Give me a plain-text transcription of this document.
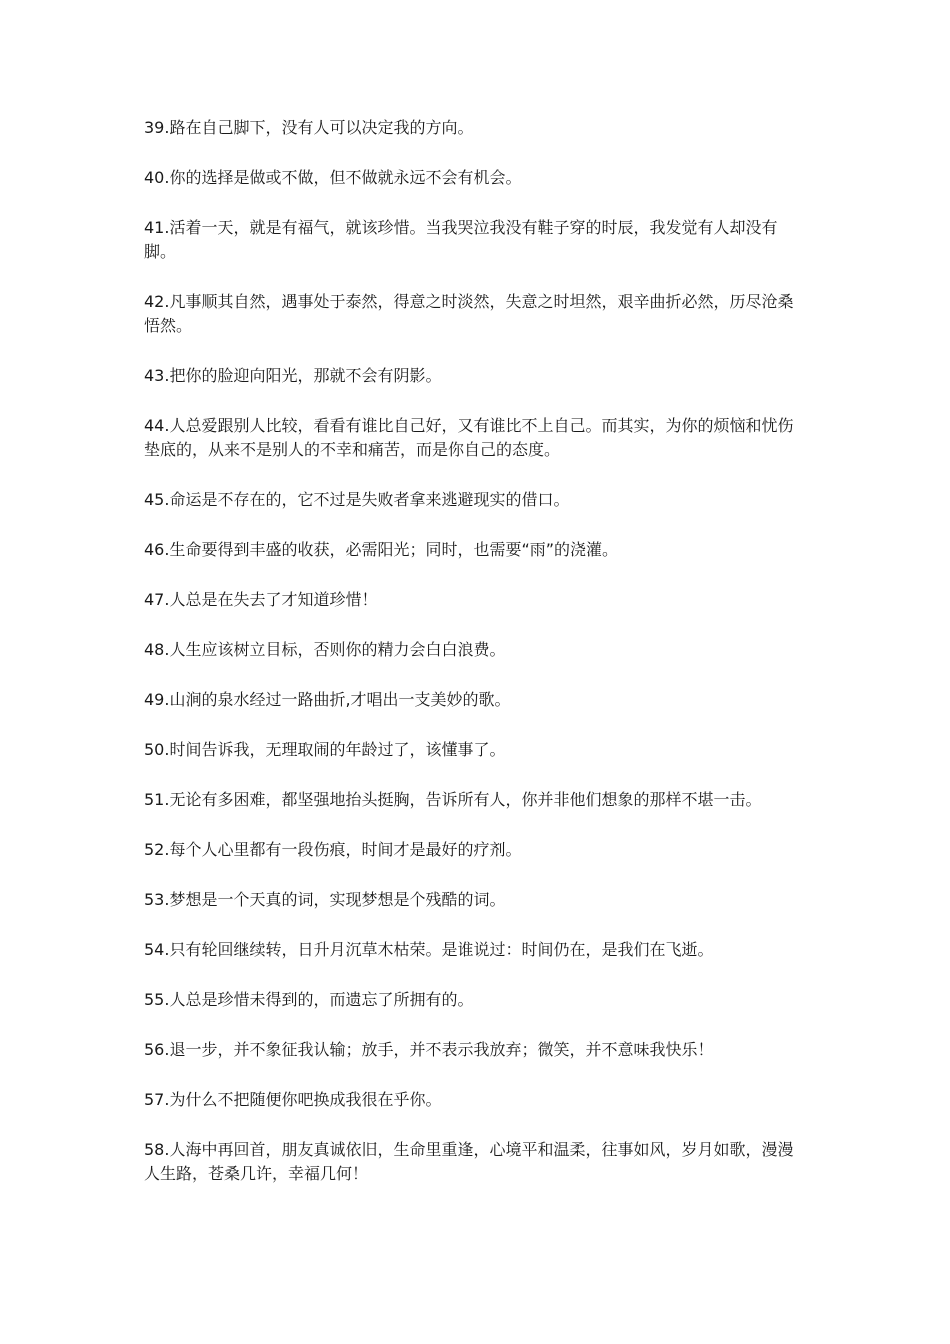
39.路在自己脚下，没有人可以决定我的方向。

40.你的选择是做或不做，但不做就永远不会有机会。

41.活着一天，就是有福气，就该珍惜。当我哭泣我没有鞋子穿的时辰，我发觉有人却没有脚。

42.凡事顺其自然，遇事处于泰然，得意之时淡然，失意之时坦然，艰辛曲折必然，历尽沧桑悟然。

43.把你的脸迎向阳光，那就不会有阴影。

44.人总爱跟别人比较，看看有谁比自己好，又有谁比不上自己。而其实，为你的烦恼和忧伤垫底的，从来不是别人的不幸和痛苦，而是你自己的态度。

45.命运是不存在的，它不过是失败者拿来逃避现实的借口。

46.生命要得到丰盛的收获，必需阳光；同时，也需要“雨”的浇灌。

47.人总是在失去了才知道珍惜！

48.人生应该树立目标，否则你的精力会白白浪费。

49.山涧的泉水经过一路曲折,才唱出一支美妙的歌。

50.时间告诉我，无理取闹的年龄过了，该懂事了。

51.无论有多困难，都坚强地抬头挺胸，告诉所有人，你并非他们想象的那样不堪一击。

52.每个人心里都有一段伤痕，时间才是最好的疗剂。

53.梦想是一个天真的词，实现梦想是个残酷的词。

54.只有轮回继续转，日升月沉草木枯荣。是谁说过：时间仍在，是我们在飞逝。

55.人总是珍惜未得到的，而遗忘了所拥有的。

56.退一步，并不象征我认输；放手，并不表示我放弃；微笑，并不意味我快乐！

57.为什么不把随便你吧换成我很在乎你。

58.人海中再回首，朋友真诚依旧，生命里重逢，心境平和温柔，往事如风，岁月如歌，漫漫人生路，苍桑几许，幸福几何！
